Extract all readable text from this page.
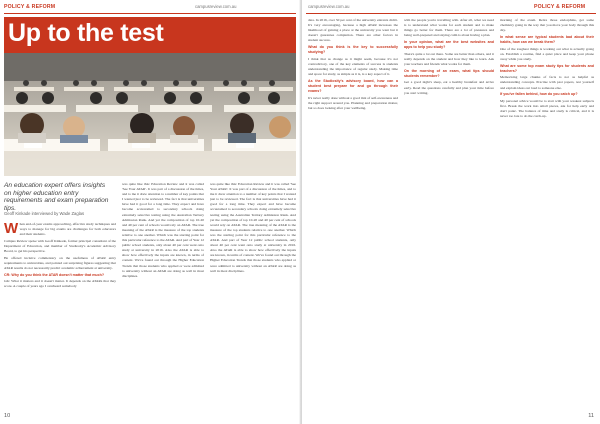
POLICY & REFORM	campusreview.com.au
Up to the test
An education expert offers insights on higher education entry requirements and exam preparation tips.
Geoff Kinkade interviewed by Wade Zaglas

When end-of-year exams approaching, effective study techniques and ways to manage for big exams are challenges for both educators and their students.

Campus Review spoke with Geoff Kinkade, former principal consultant of the Department of Education, and member of Studiosity's Academic Advisory Board, to get his perspective.

He offered incisive commentary on the usefulness of ATAR entry requirements to universities, and pointed out surprising figures suggesting that ATAR results do not necessarily predict academic achievement at university.

CR: Why do you think the ATAR doesn't matter that much?

GK: What it matters and it doesn't matter. It depends on the ATARs that they score. A couple of years ago I overheard somebody

was quite like this: Education Review and it was called 'See Your ATAR'. It was part of a discussion of the times, and to me it drew attention to a number of key points that I wanted just to be reviewed. The fact is that universities have had it good for a long time. They expect and have become accustomed to secondary schools doing extremely selective testing using the Australian Tertiary Admission Rank. And yet the composition of top 10-20 and 40 per cent of schools would rely on ATAR. The true meaning of the ATAR is the measure of the top students relative to one another. Which was the starting point for this particular reference to the ATAR. And part of Year 12 public school students, only about 40 per cent went onto study at university in 2016. Also the ATAR is able to show how effectively the inputs are known, in terms of content. We've found out through the Higher Education Trends that those students who applied or were admitted to university without an ATAR are doing as well in most disciplines.

was quite like this: Education Review and it was called 'See Your ATAR'. It was part of a discussion of the times, and to me it drew attention to a number of key points that I wanted just to be reviewed. The fact is that universities have had it good for a long time. They expect and have become accustomed to secondary schools doing extremely selective testing using the Australian Tertiary Admission Rank. And yet the composition of top 10-20 and 40 per cent of schools would rely on ATAR. The true meaning of the ATAR is the measure of the top students relative to one another. Which was the starting point for this particular reference to the ATAR. And part of Year 12 public school students, only about 40 per cent went onto study at university in 2016. Also the ATAR is able to show how effectively the inputs are known, in terms of content. We've found out through the Higher Education Trends that those students who applied or were admitted to university without an ATAR are doing as well in most disciplines.

10
campusreview.com.au	POLICY & REFORM

data. In 2016, over 50 per cent of the university entrants didn't. It's very encouraging, because a high ATAR increases the likelihood of gaining a place at the university you want but it doesn't guarantee completion. There are other factors in student success.

What do you think is the key to successfully studying?

I think that as change as it might seem, because it's not contradictory, one of the key elements of success is students understanding the importance of regular study. Making time and space for study, as simple as it is, is a key aspect of it.

As the Studiosity's advisory board, how can a student best prepare for and go through their exams?

It's never really done without a good mix of self-awareness and the right support around you. Planning and preparation matter, but so does looking after your wellbeing.

with the people you're travelling with. After all, what we need is to understand what works for each student and to make things go better for them. There are a lot of pressures and being well-prepared and staying calm is about having a plan.

In your opinion, what are the best websites and apps to help you study?

There's quite a lot out there. Some are better than others, and it really depends on the student and how they like to learn. Ask your teachers and friends what works for them.

On the morning of an exam, what tips should students remember?

Get a good night's sleep, eat a healthy breakfast and arrive early. Read the questions carefully and plan your time before you start writing.

morning of the exam. Relax those endorphins, get some chemistry going in the way that you move your body through this day.

In what sense are typical students bad about their habits, how can we break them?

One of the toughest things is working out what is actually going on. Establish a routine, find a quiet place and keep your phone away while you study.

What are some top exam study tips for students and teachers?

Memorising large chunks of facts is not as helpful as understanding concepts. Practise with past papers, test yourself and explain ideas out loud to someone else.

If you've fallen behind, how do you catch up?

My personal advice would be to start with your weakest subjects first. Break the work into small pieces, ask for help early and don't panic. The balance of time and study is critical, and it is never too late to do the catch-up.

11
